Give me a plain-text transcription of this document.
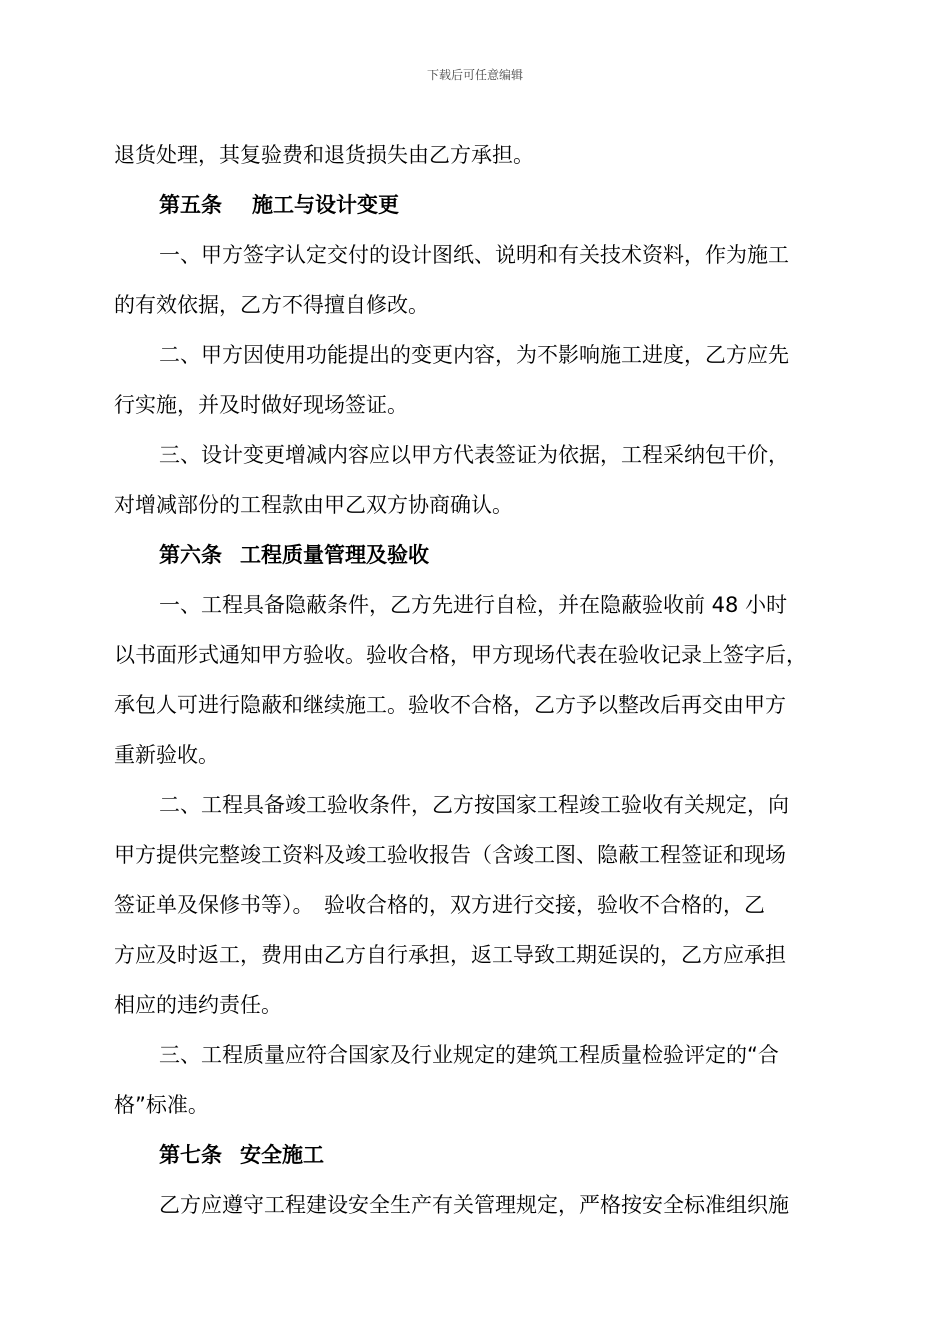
下载后可任意编辑
退货处理，其复验费和退货损失由乙方承担。
第五条 施工与设计变更
一、甲方签字认定交付的设计图纸、说明和有关技术资料，作为施工
的有效依据，乙方不得擅自修改。
二、甲方因使用功能提出的变更内容，为不影响施工进度，乙方应先
行实施，并及时做好现场签证。
三、设计变更增减内容应以甲方代表签证为依据，工程采纳包干价，
对增减部份的工程款由甲乙双方协商确认。
第六条 工程质量管理及验收
一、工程具备隐蔽条件，乙方先进行自检，并在隐蔽验收前 48 小时
以书面形式通知甲方验收。验收合格，甲方现场代表在验收记录上签字后，
承包人可进行隐蔽和继续施工。验收不合格，乙方予以整改后再交由甲方
重新验收。
二、工程具备竣工验收条件，乙方按国家工程竣工验收有关规定，向
甲方提供完整竣工资料及竣工验收报告（含竣工图、隐蔽工程签证和现场
签证单及保修书等）。　验收合格的，双方进行交接，验收不合格的，乙
方应及时返工，费用由乙方自行承担，返工导致工期延误的，乙方应承担
相应的违约责任。
三、工程质量应符合国家及行业规定的建筑工程质量检验评定的“合
格”标准。
第七条 安全施工
乙方应遵守工程建设安全生产有关管理规定，严格按安全标准组织施
